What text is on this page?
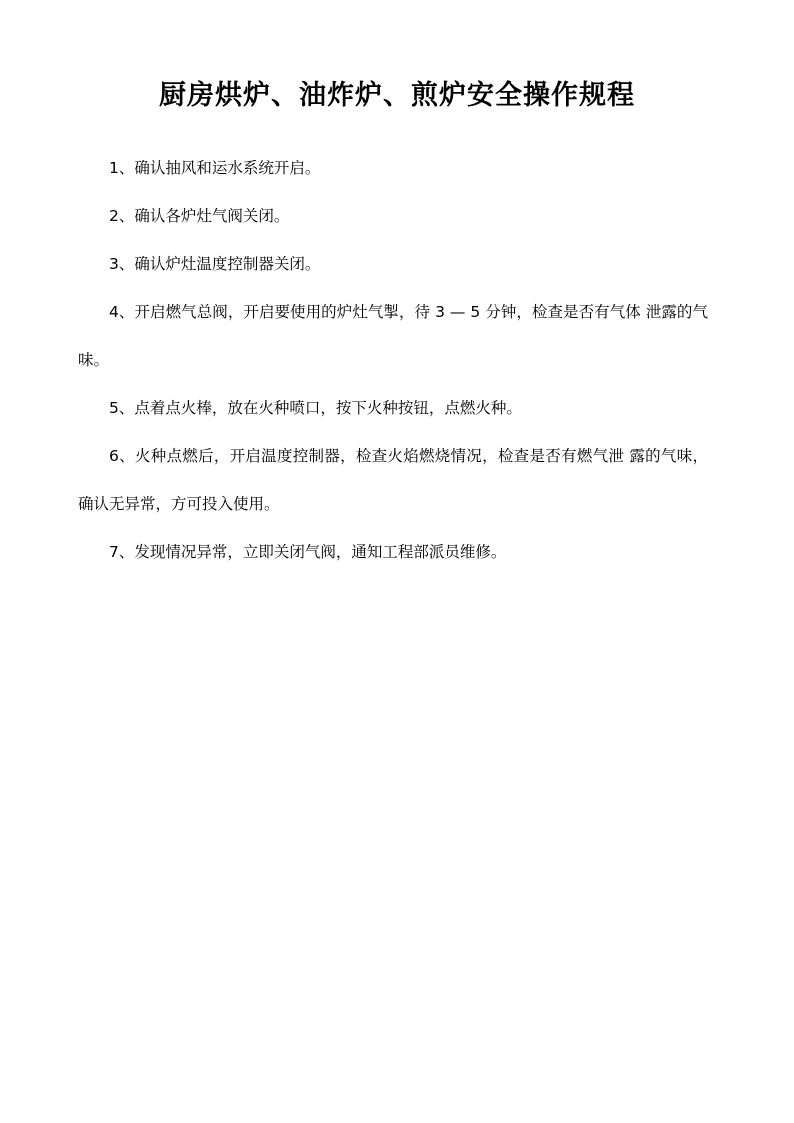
厨房烘炉、油炸炉、煎炉安全操作规程

1、确认抽风和运水系统开启。

2、确认各炉灶气阀关闭。

3、确认炉灶温度控制器关闭。

4、开启燃气总阀，开启要使用的炉灶气掣，待 3 — 5 分钟，检查是否有气体 泄露的气味。

5、点着点火棒，放在火种喷口，按下火种按钮，点燃火种。

6、火种点燃后，开启温度控制器，检查火焰燃烧情况，检查是否有燃气泄 露的气味，确认无异常，方可投入使用。

7、发现情况异常，立即关闭气阀，通知工程部派员维修。
